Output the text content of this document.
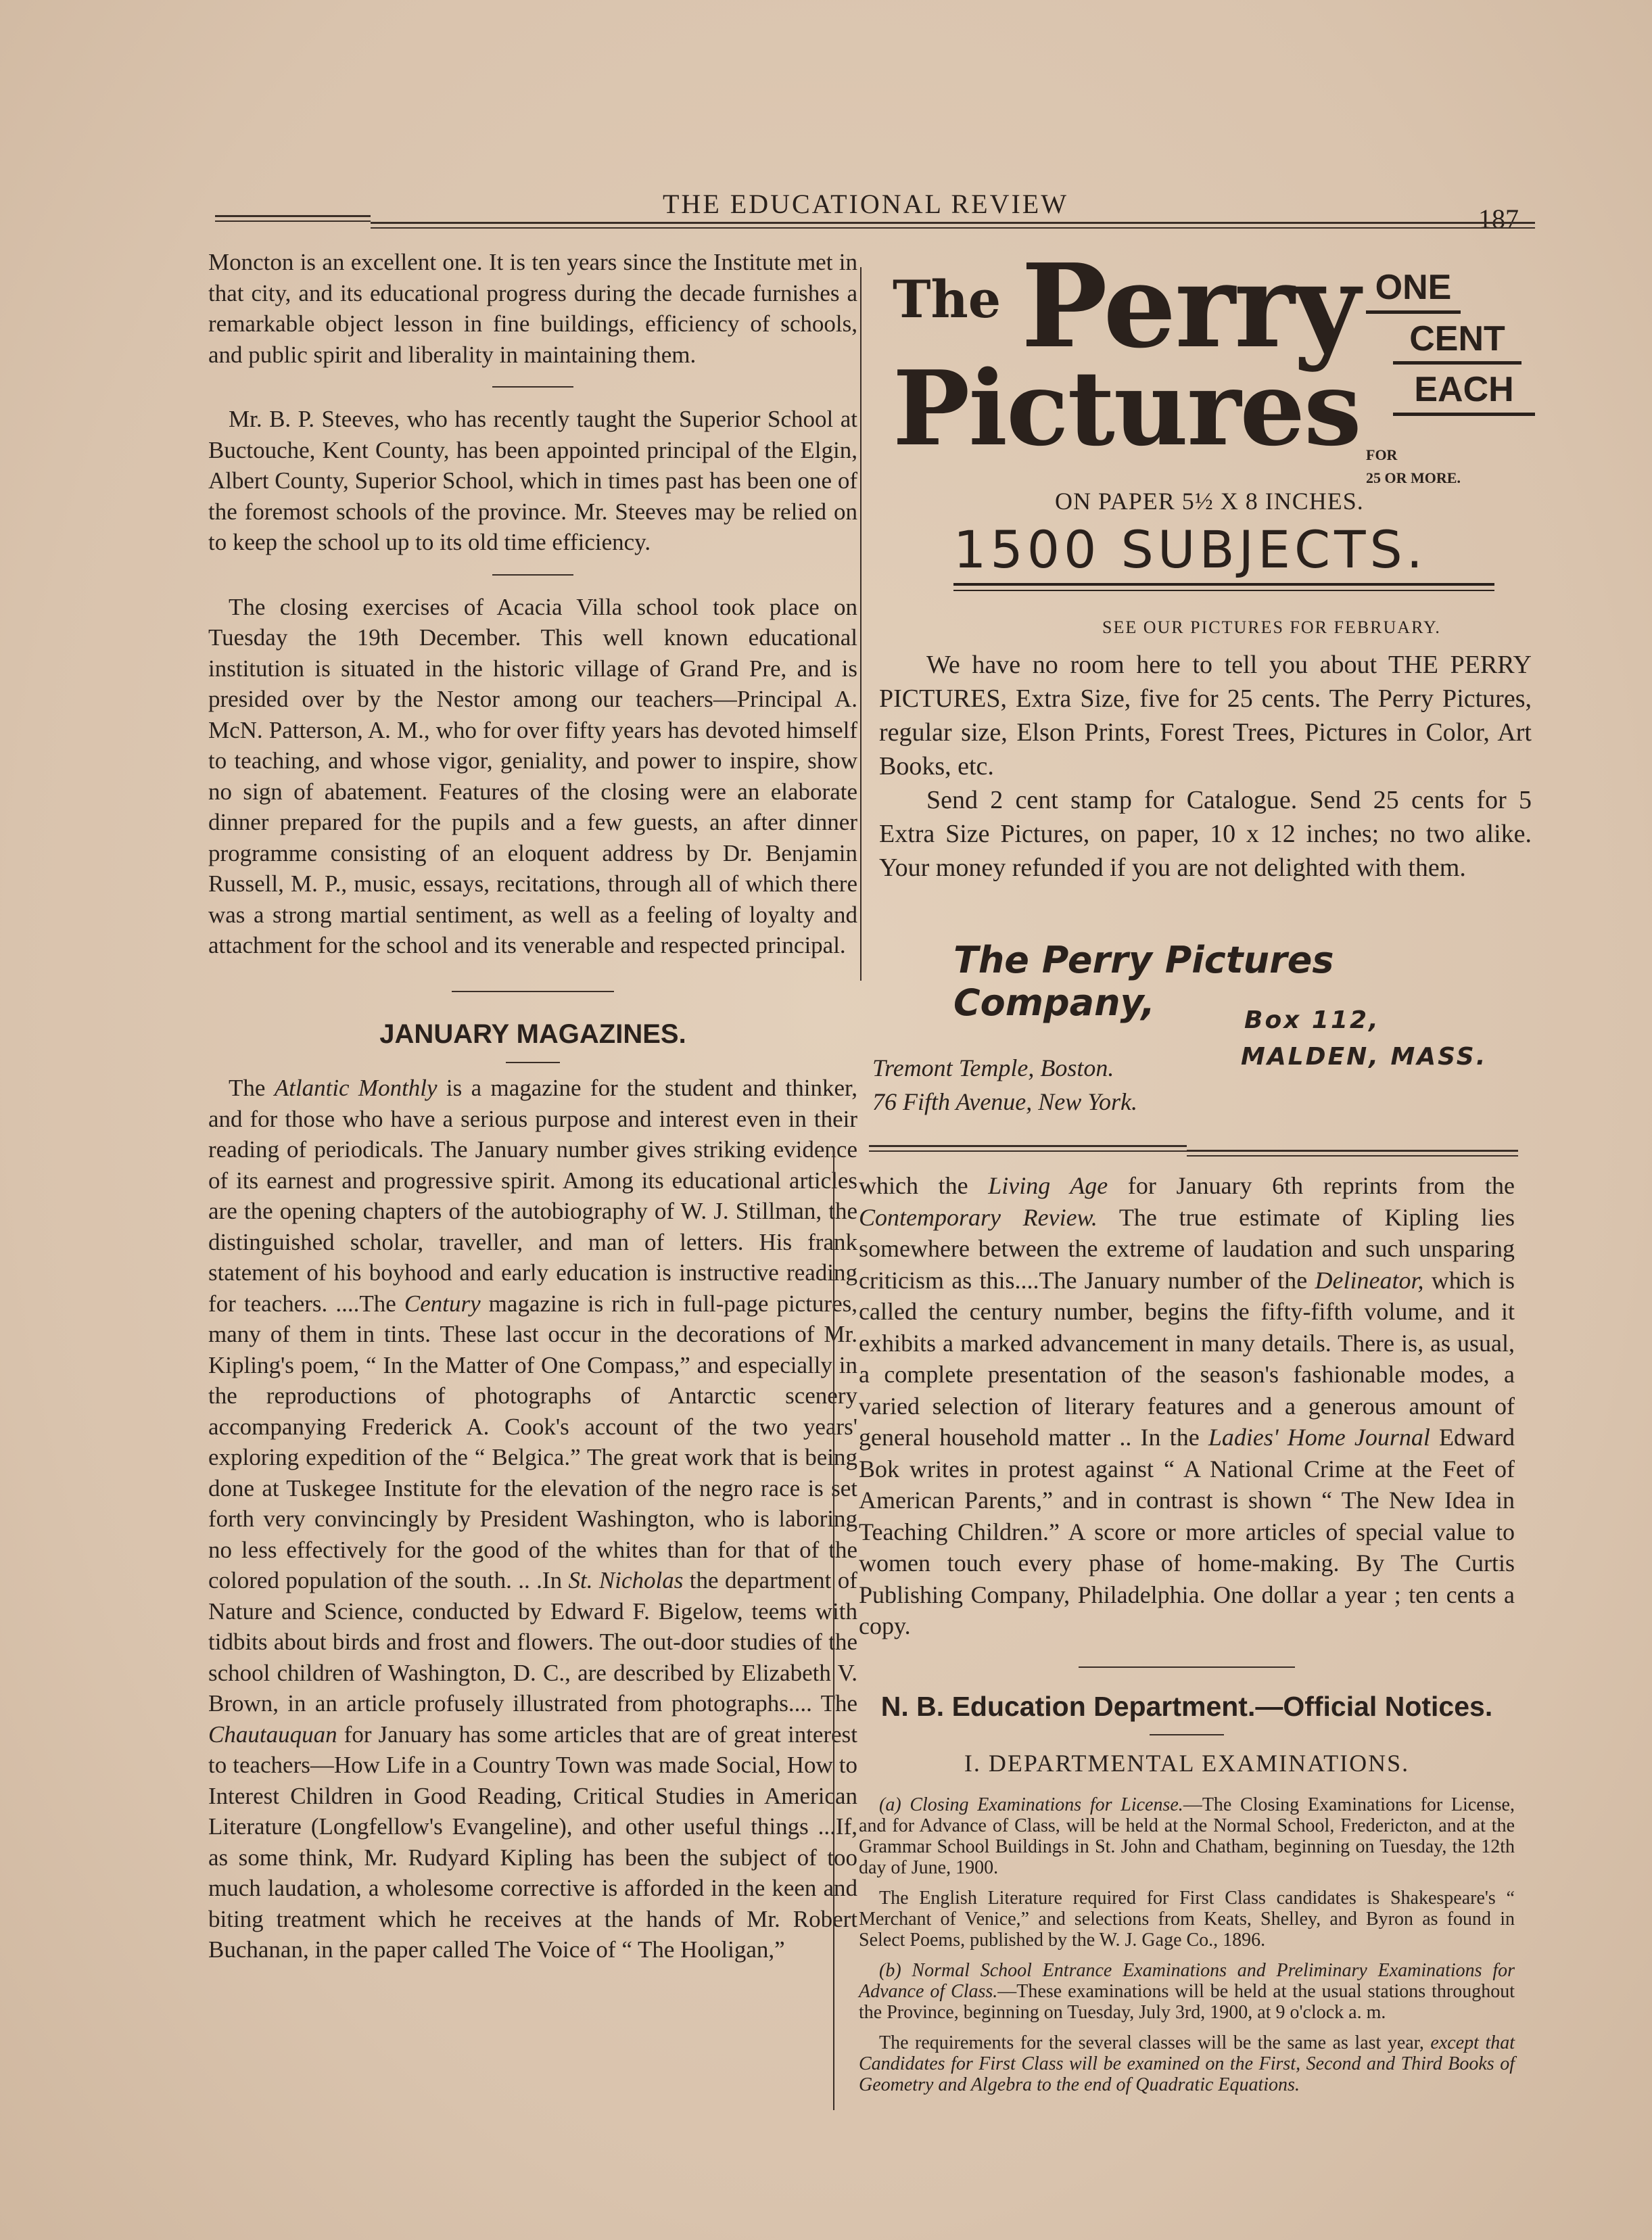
THE EDUCATIONAL REVIEW	187

Moncton is an excellent one. It is ten years since the Institute met in that city, and its educational progress during the decade furnishes a remarkable object lesson in fine buildings, efficiency of schools, and public spirit and liberality in maintaining them.

Mr. B. P. Steeves, who has recently taught the Superior School at Buctouche, Kent County, has been appointed principal of the Elgin, Albert County, Superior School, which in times past has been one of the foremost schools of the province. Mr. Steeves may be relied on to keep the school up to its old time efficiency.

The closing exercises of Acacia Villa school took place on Tuesday the 19th December. This well known educational institution is situated in the historic village of Grand Pre, and is presided over by the Nestor among our teachers—Principal A. McN. Patterson, A. M., who for over fifty years has devoted himself to teaching, and whose vigor, geniality, and power to inspire, show no sign of abatement. Features of the closing were an elaborate dinner prepared for the pupils and a few guests, an after dinner programme consisting of an eloquent address by Dr. Benjamin Russell, M. P., music, essays, recitations, through all of which there was a strong martial sentiment, as well as a feeling of loyalty and attachment for the school and its venerable and respected principal.

JANUARY MAGAZINES.

The Atlantic Monthly is a magazine for the student and thinker, and for those who have a serious purpose and interest even in their reading of periodicals. The January number gives striking evidence of its earnest and progressive spirit. Among its educational articles are the opening chapters of the autobiography of W. J. Stillman, the distinguished scholar, traveller, and man of letters. His frank statement of his boyhood and early education is instructive reading for teachers. ....The Century magazine is rich in full-page pictures, many of them in tints. These last occur in the decorations of Mr. Kipling's poem, “ In the Matter of One Compass,” and especially in the reproductions of photographs of Antarctic scenery accompanying Frederick A. Cook's account of the two years' exploring expedition of the “ Belgica.” The great work that is being done at Tuskegee Institute for the elevation of the negro race is set forth very convincingly by President Washington, who is laboring no less effectively for the good of the whites than for that of the colored population of the south. .. .In St. Nicholas the department of Nature and Science, conducted by Edward F. Bigelow, teems with tidbits about birds and frost and flowers. The out-door studies of the school children of Washington, D. C., are described by Elizabeth V. Brown, in an article profusely illustrated from photographs.... The Chautauquan for January has some articles that are of great interest to teachers—How Life in a Country Town was made Social, How to Interest Children in Good Reading, Critical Studies in American Literature (Longfellow's Evangeline), and other useful things ...If, as some think, Mr. Rudyard Kipling has been the subject of too much laudation, a wholesome corrective is afforded in the keen and biting treatment which he receives at the hands of Mr. Robert Buchanan, in the paper called The Voice of “ The Hooligan,”

The Perry
Pictures
ONE
CENT
EACH
FOR
25 OR MORE.
ON PAPER 5½ X 8 INCHES.
1500 SUBJECTS.
SEE OUR PICTURES FOR FEBRUARY.

We have no room here to tell you about THE PERRY PICTURES, Extra Size, five for 25 cents. The Perry Pictures, regular size, Elson Prints, Forest Trees, Pictures in Color, Art Books, etc.

Send 2 cent stamp for Catalogue. Send 25 cents for 5 Extra Size Pictures, on paper, 10 x 12 inches; no two alike. Your money refunded if you are not delighted with them.

The Perry Pictures Company,	Box 112,
MALDEN, MASS.
Tremont Temple, Boston.
76 Fifth Avenue, New York.

which the Living Age for January 6th reprints from the Contemporary Review. The true estimate of Kipling lies somewhere between the extreme of laudation and such unsparing criticism as this....The January number of the Delineator, which is called the century number, begins the fifty-fifth volume, and it exhibits a marked advancement in many details. There is, as usual, a complete presentation of the season's fashionable modes, a varied selection of literary features and a generous amount of general household matter .. In the Ladies' Home Journal Edward Bok writes in protest against “ A National Crime at the Feet of American Parents,” and in contrast is shown “ The New Idea in Teaching Children.” A score or more articles of special value to women touch every phase of home-making. By The Curtis Publishing Company, Philadelphia. One dollar a year ; ten cents a copy.

N. B. Education Department.—Official Notices.
I. DEPARTMENTAL EXAMINATIONS.

(a) Closing Examinations for License.—The Closing Examinations for License, and for Advance of Class, will be held at the Normal School, Fredericton, and at the Grammar School Buildings in St. John and Chatham, beginning on Tuesday, the 12th day of June, 1900.

The English Literature required for First Class candidates is Shakespeare's “ Merchant of Venice,” and selections from Keats, Shelley, and Byron as found in Select Poems, published by the W. J. Gage Co., 1896.

(b) Normal School Entrance Examinations and Preliminary Examinations for Advance of Class.—These examinations will be held at the usual stations throughout the Province, beginning on Tuesday, July 3rd, 1900, at 9 o'clock a. m.

The requirements for the several classes will be the same as last year, except that Candidates for First Class will be examined on the First, Second and Third Books of Geometry and Algebra to the end of Quadratic Equations.
